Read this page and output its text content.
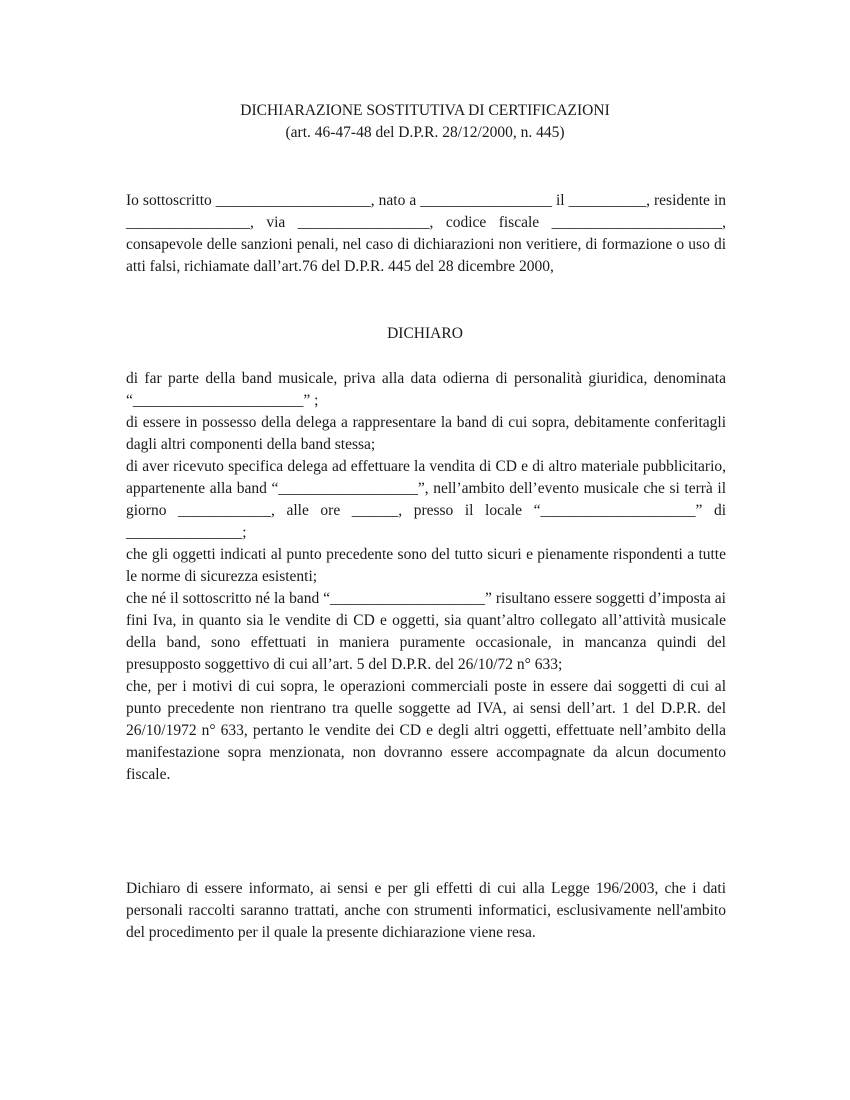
DICHIARAZIONE SOSTITUTIVA DI CERTIFICAZIONI
(art. 46-47-48 del D.P.R. 28/12/2000, n. 445)

Io sottoscritto ____________________, nato a _________________ il __________, residente in ________________, via _________________, codice fiscale ______________________, consapevole delle sanzioni penali, nel caso di dichiarazioni non veritiere, di formazione o uso di atti falsi, richiamate dall’art.76 del D.P.R. 445 del 28 dicembre 2000,

DICHIARO

di far parte della band musicale, priva alla data odierna di personalità giuridica, denominata “______________________” ;

di essere in possesso della delega a rappresentare la band di cui sopra, debitamente conferitagli dagli altri componenti della band stessa;

di aver ricevuto specifica delega ad effettuare la vendita di CD e di altro materiale pubblicitario, appartenente alla band “__________________”, nell’ambito dell’evento musicale che si terrà il giorno ____________, alle ore ______, presso il locale “____________________” di _______________;

che gli oggetti indicati al punto precedente sono del tutto sicuri e pienamente rispondenti a tutte le norme di sicurezza esistenti;

che né il sottoscritto né la band “____________________” risultano essere soggetti d’imposta ai fini Iva, in quanto sia le vendite di CD e oggetti, sia quant’altro collegato all’attività musicale della band, sono effettuati in maniera puramente occasionale, in mancanza quindi del presupposto soggettivo di cui all’art. 5 del D.P.R. del 26/10/72 n° 633;

che, per i motivi di cui sopra, le operazioni commerciali poste in essere dai soggetti di cui al punto precedente non rientrano tra quelle soggette ad IVA, ai sensi dell’art. 1 del D.P.R. del 26/10/1972 n° 633, pertanto le vendite dei CD e degli altri oggetti, effettuate nell’ambito della manifestazione sopra menzionata, non dovranno essere accompagnate da alcun documento fiscale.

Dichiaro di essere informato, ai sensi e per gli effetti di cui alla Legge 196/2003, che i dati personali raccolti saranno trattati, anche con strumenti informatici, esclusivamente nell'ambito del procedimento per il quale la presente dichiarazione viene resa.
